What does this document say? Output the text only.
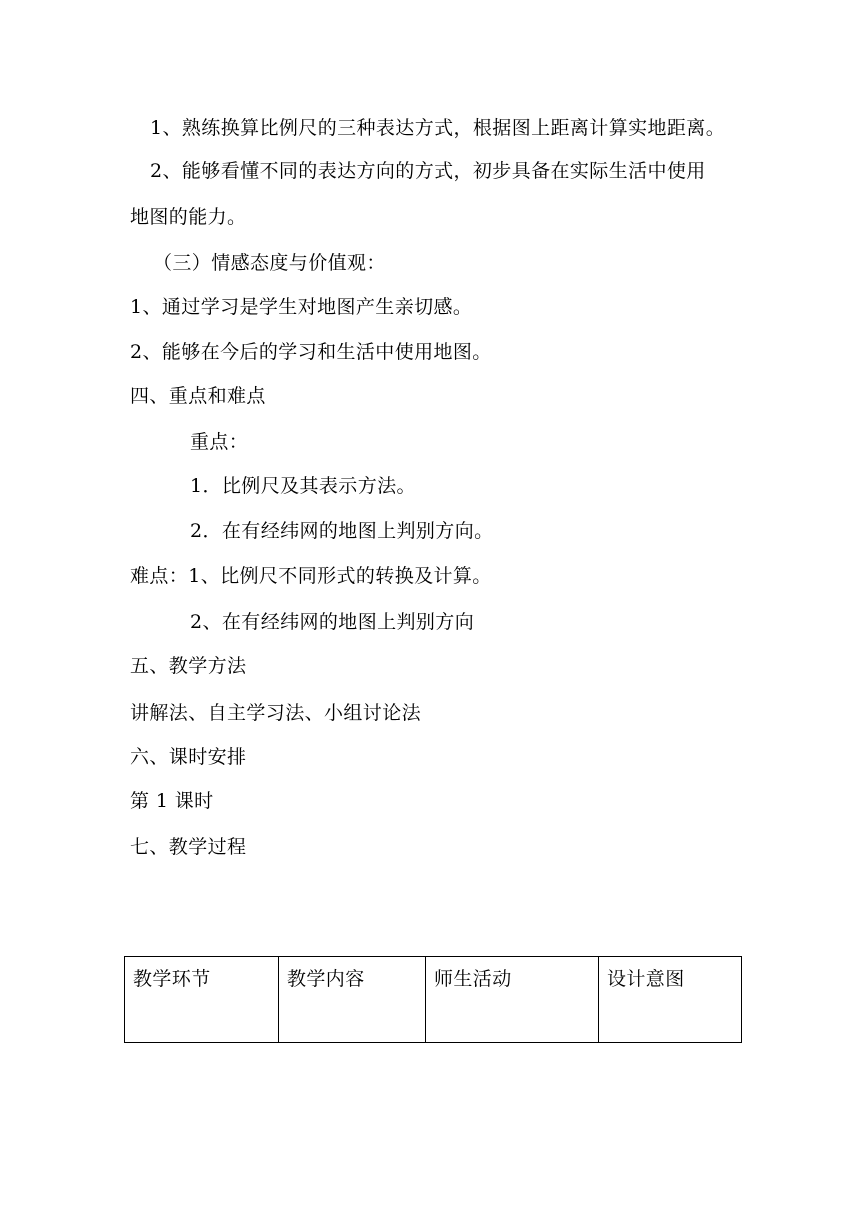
1、熟练换算比例尺的三种表达方式，根据图上距离计算实地距离。
2、能够看懂不同的表达方向的方式，初步具备在实际生活中使用
地图的能力。
（三）情感态度与价值观：
1、通过学习是学生对地图产生亲切感。
2、能够在今后的学习和生活中使用地图。
四、重点和难点
重点：
1．比例尺及其表示方法。
2．在有经纬网的地图上判别方向。
难点：1、比例尺不同形式的转换及计算。
2、在有经纬网的地图上判别方向
五、教学方法
讲解法、自主学习法、小组讨论法
六、课时安排
第 1 课时
七、教学过程
教学环节	教学内容	师生活动	设计意图
